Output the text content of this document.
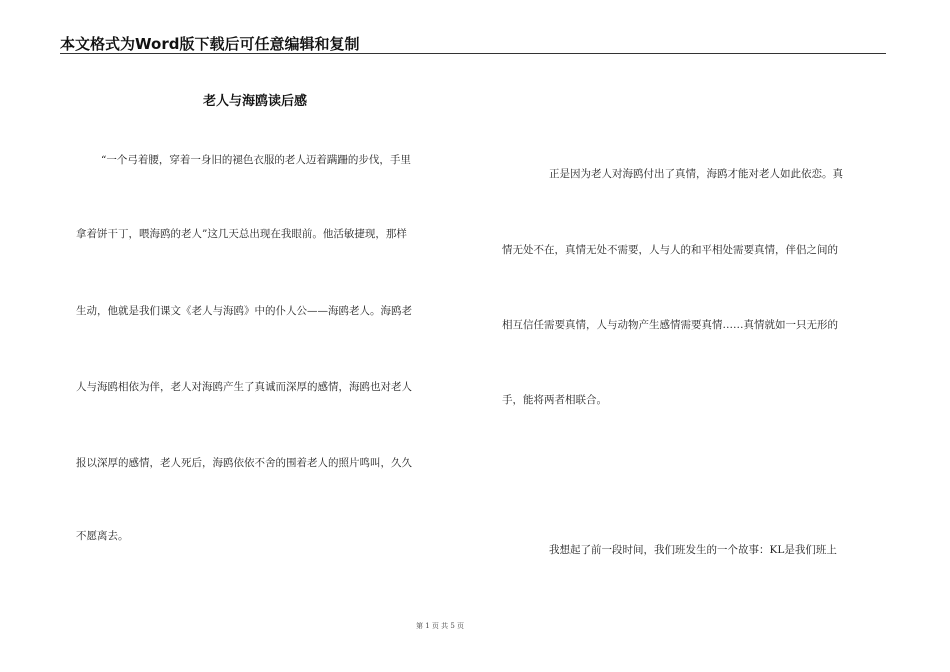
本文格式为Word版下载后可任意编辑和复制
老人与海鸥读后感
“一个弓着腰，穿着一身旧的褪色衣服的老人迈着蹒跚的步伐，手里
拿着饼干丁，喂海鸥的老人”这几天总出现在我眼前。他活敏捷现，那样
生动，他就是我们课文《老人与海鸥》中的仆人公——海鸥老人。海鸥老
人与海鸥相依为伴，老人对海鸥产生了真诚而深厚的感情，海鸥也对老人
报以深厚的感情，老人死后，海鸥依依不舍的围着老人的照片鸣叫，久久
不愿离去。
正是因为老人对海鸥付出了真情，海鸥才能对老人如此依恋。真
情无处不在，真情无处不需要，人与人的和平相处需要真情，伴侣之间的
相互信任需要真情，人与动物产生感情需要真情……真情就如一只无形的
手，能将两者相联合。
我想起了前一段时间，我们班发生的一个故事：KL是我们班上
第 1 页 共 5 页
